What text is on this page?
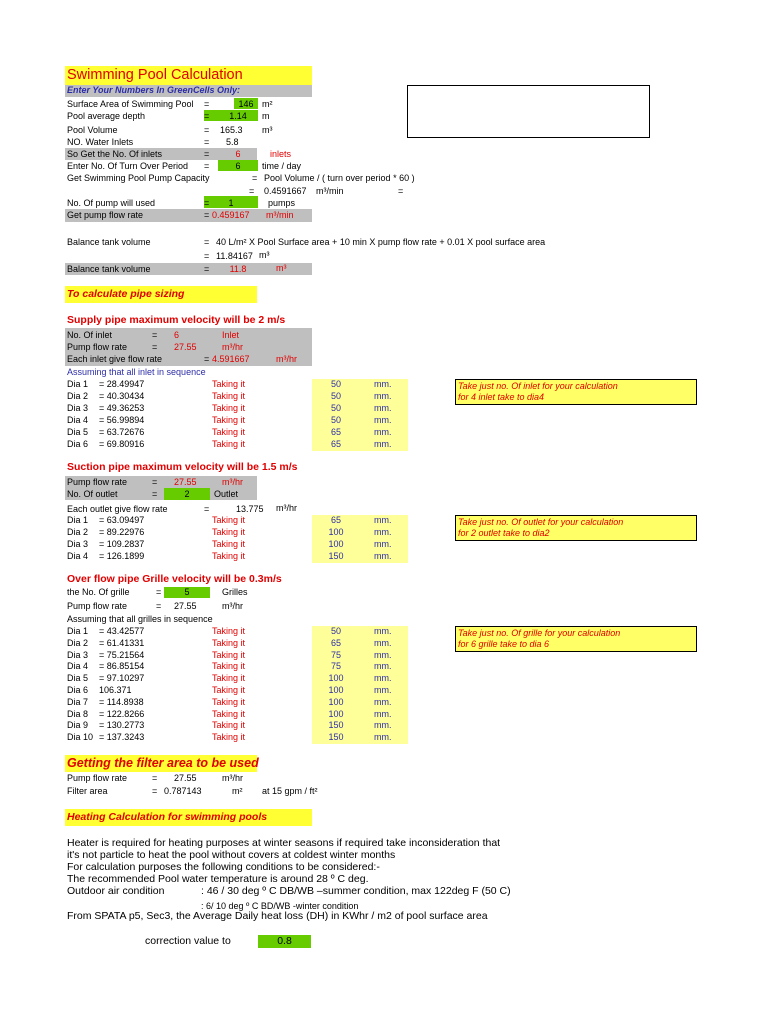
Swimming Pool Calculation
Enter Your Numbers In GreenCells Only:
Surface Area of Swimming Pool =	146 m²
Pool average depth	=	1.14	m
Pool Volume	= 165.3 m³
NO. Water Inlets	= 5.8
So Get the No. Of inlets	=	6	inlets
Enter No. Of Turn Over Period =	6	time / day
Get Swimming Pool Pump Capacity	= Pool Volume / ( turn over period * 60 )
= 0.4591667 m³/min	=
No. Of pump will used	=	1	pumps
Get pump flow rate	= 0.459167 m³/min
Balance tank volume	= 40 L/m² X Pool Surface area + 10 min X pump flow rate + 0.01 X pool surface area
= 11.84167 m³
Balance tank volume	=	11.8	m³
To calculate pipe sizing
Supply pipe maximum velocity will be 2 m/s
No. Of inlet	= 6	Inlet
Pump flow rate	= 27.55	m³/hr
Each inlet give flow rate	= 4.591667	m³/hr
Assuming that all inlet in sequence
Dia 1 = 28.49947	Taking it	50	mm.
Dia 2 = 40.30434	Taking it	50	mm.
Dia 3 = 49.36253	Taking it	50	mm.
Dia 4 = 56.99894	Taking it	50	mm.
Dia 5 = 63.72676	Taking it	65	mm.
Dia 6 = 69.80916	Taking it	65	mm.
Take just no. Of inlet for your calculation
for 4 inlet take to dia4
Suction pipe maximum velocity will be 1.5 m/s
Pump flow rate	= 27.55	m³/hr
No. Of outlet	=	2	Outlet
Each outlet give flow rate	=	13.775 m³/hr
Dia 1 = 63.09497	Taking it	65	mm.
Dia 2 = 89.22976	Taking it	100	mm.
Dia 3 = 109.2837	Taking it	100	mm.
Dia 4 = 126.1899	Taking it	150	mm.
Take just no. Of outlet for your calculation
for 2 outlet take to dia2
Over flow pipe Grille velocity will be 0.3m/s
the No. Of grille	=	5	Grilles
Pump flow rate	= 27.55	m³/hr
Assuming that all grilles in sequence
Dia 1 = 43.42577	Taking it	50	mm.
Dia 2 = 61.41331	Taking it	65	mm.
Dia 3 = 75.21564	Taking it	75	mm.
Dia 4 = 86.85154	Taking it	75	mm.
Dia 5 = 97.10297	Taking it	100	mm.
Dia 6 106.371	Taking it	100	mm.
Dia 7 = 114.8938	Taking it	100	mm.
Dia 8 = 122.8266	Taking it	100	mm.
Dia 9 = 130.2773	Taking it	150	mm.
Dia 10 = 137.3243	Taking it	150	mm.
Take just no. Of grille for your calculation
for 6 grille take to dia 6
Getting the filter area to be used
Pump flow rate	= 27.55	m³/hr
Filter area	= 0.787143	m² at 15 gpm / ft²
Heating Calculation for swimming pools
Heater is required for heating purposes at winter seasons if required take inconsideration that
it's not particle to heat the pool without covers at coldest winter months
For calculation purposes the following conditions to be considered:-
The recommended Pool water temperature is around 28 º C deg.
Outdoor air condition	: 46 / 30 deg º C DB/WB –summer condition, max 122deg F (50 C)
: 6/ 10 deg º C BD/WB -winter condition
From SPATA p5, Sec3, the Average Daily heat loss (DH) in KWhr / m2 of pool surface area
correction value to	0.8
